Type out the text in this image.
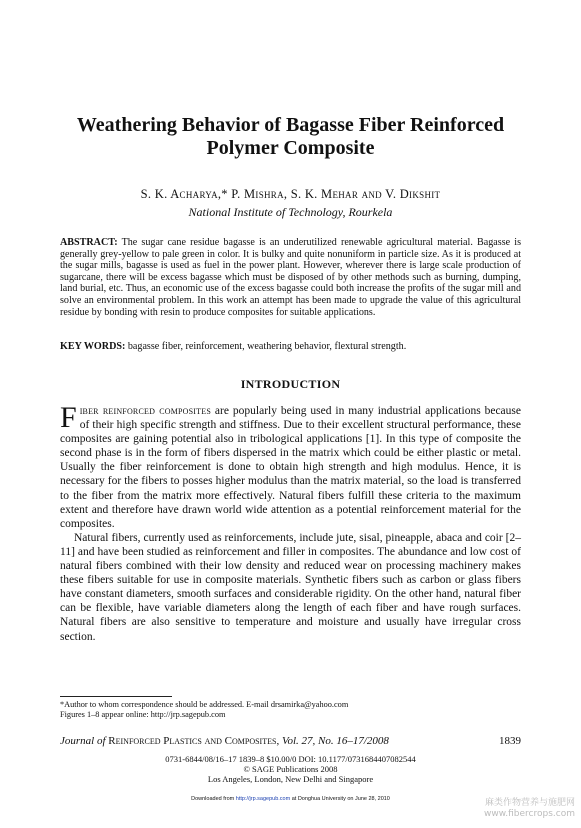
Weathering Behavior of Bagasse Fiber Reinforced
Polymer Composite
S. K. Acharya,* P. Mishra, S. K. Mehar and V. Dikshit
National Institute of Technology, Rourkela
ABSTRACT: The sugar cane residue bagasse is an underutilized renewable agricultural material. Bagasse is generally grey-yellow to pale green in color. It is bulky and quite nonuniform in particle size. As it is produced at the sugar mills, bagasse is used as fuel in the power plant. However, wherever there is large scale production of sugarcane, there will be excess bagasse which must be disposed of by other methods such as burning, dumping, land burial, etc. Thus, an economic use of the excess bagasse could both increase the profits of the sugar mill and solve an environmental problem. In this work an attempt has been made to upgrade the value of this agricultural residue by bonding with resin to produce composites for suitable applications.
KEY WORDS: bagasse fiber, reinforcement, weathering behavior, flextural strength.
INTRODUCTION

Fiber reinforced composites are popularly being used in many industrial applications because of their high specific strength and stiffness. Due to their excellent structural performance, these composites are gaining potential also in tribological applications [1]. In this type of composite the second phase is in the form of fibers dispersed in the matrix which could be either plastic or metal. Usually the fiber reinforcement is done to obtain high strength and high modulus. Hence, it is necessary for the fibers to posses higher modulus than the matrix material, so the load is transferred to the fiber from the matrix more effectively. Natural fibers fulfill these criteria to the maximum extent and therefore have drawn world wide attention as a potential reinforcement material for the composites.

Natural fibers, currently used as reinforcements, include jute, sisal, pineapple, abaca and coir [2–11] and have been studied as reinforcement and filler in composites. The abundance and low cost of natural fibers combined with their low density and reduced wear on processing machinery makes these fibers suitable for use in composite materials. Synthetic fibers such as carbon or glass fibers have constant diameters, smooth surfaces and considerable rigidity. On the other hand, natural fiber can be flexible, have variable diameters along the length of each fiber and have rough surfaces. Natural fibers are also sensitive to temperature and moisture and usually have irregular cross section.

*Author to whom correspondence should be addressed. E-mail drsamirka@yahoo.com
Figures 1–8 appear online: http://jrp.sagepub.com
Journal of Reinforced Plastics and Composites, Vol. 27, No. 16–17/2008	1839
0731-6844/08/16–17 1839–8 $10.00/0 DOI: 10.1177/0731684407082544
© SAGE Publications 2008
Los Angeles, London, New Delhi and Singapore
Downloaded from http://jrp.sagepub.com at Donghua University on June 28, 2010	麻类作物营养与施肥网
www.fibercrops.com
